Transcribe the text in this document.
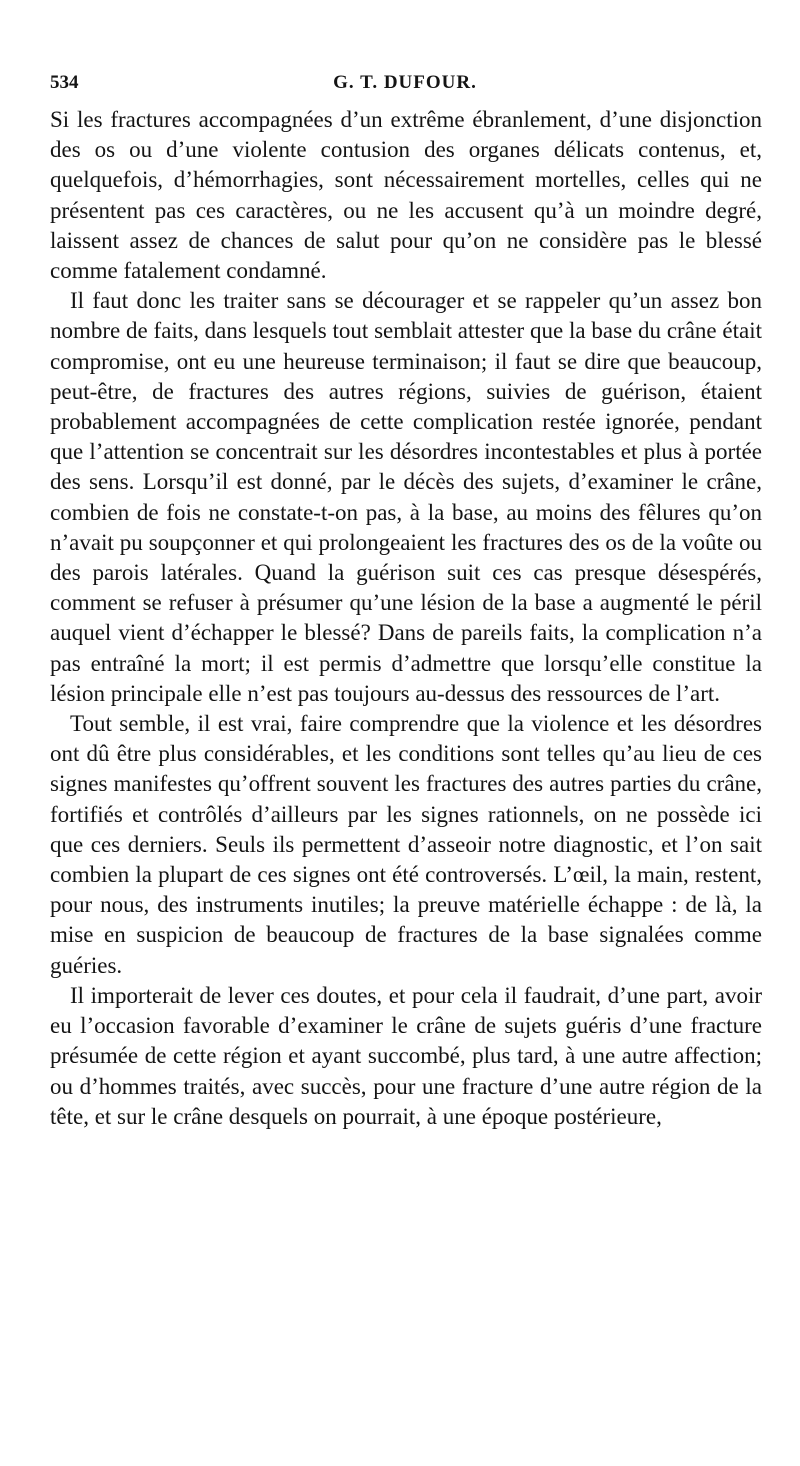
534	G. T. DUFOUR.

Si les fractures accompagnées d’un extrême ébranlement, d’une disjonction des os ou d’une violente contusion des organes délicats contenus, et, quelquefois, d’hémorrhagies, sont nécessairement mortelles, celles qui ne présentent pas ces caractères, ou ne les accusent qu’à un moindre degré, laissent assez de chances de salut pour qu’on ne considère pas le blessé comme fatalement condamné.

Il faut donc les traiter sans se décourager et se rappeler qu’un assez bon nombre de faits, dans lesquels tout semblait attester que la base du crâne était compromise, ont eu une heureuse terminaison; il faut se dire que beaucoup, peut-être, de fractures des autres régions, suivies de guérison, étaient probablement accompagnées de cette complication restée ignorée, pendant que l’attention se concentrait sur les désordres incontestables et plus à portée des sens. Lorsqu’il est donné, par le décès des sujets, d’examiner le crâne, combien de fois ne constate-t-on pas, à la base, au moins des fêlures qu’on n’avait pu soupçonner et qui prolongeaient les fractures des os de la voûte ou des parois latérales. Quand la guérison suit ces cas presque désespérés, comment se refuser à présumer qu’une lésion de la base a augmenté le péril auquel vient d’échapper le blessé? Dans de pareils faits, la complication n’a pas entraîné la mort; il est permis d’admettre que lorsqu’elle constitue la lésion principale elle n’est pas toujours au-dessus des ressources de l’art.

Tout semble, il est vrai, faire comprendre que la violence et les désordres ont dû être plus considérables, et les conditions sont telles qu’au lieu de ces signes manifestes qu’offrent souvent les fractures des autres parties du crâne, fortifiés et contrôlés d’ailleurs par les signes rationnels, on ne possède ici que ces derniers. Seuls ils permettent d’asseoir notre diagnostic, et l’on sait combien la plupart de ces signes ont été controversés. L’œil, la main, restent, pour nous, des instruments inutiles; la preuve matérielle échappe : de là, la mise en suspicion de beaucoup de fractures de la base signalées comme guéries.

Il importerait de lever ces doutes, et pour cela il faudrait, d’une part, avoir eu l’occasion favorable d’examiner le crâne de sujets guéris d’une fracture présumée de cette région et ayant succombé, plus tard, à une autre affection; ou d’hommes traités, avec succès, pour une fracture d’une autre région de la tête, et sur le crâne desquels on pourrait, à une époque postérieure,
